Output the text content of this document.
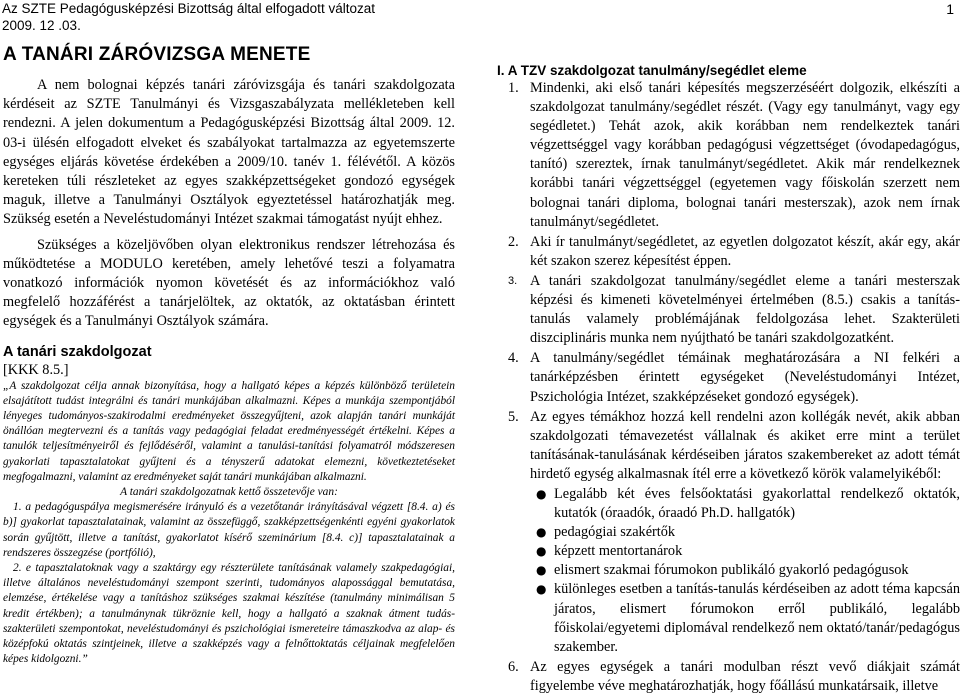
Az SZTE Pedagógusképzési Bizottság által elfogadott változat
2009. 12 .03.
1
A TANÁRI ZÁRÓVIZSGA MENETE

A nem bolognai képzés tanári záróvizsgája és tanári szakdolgozata kérdéseit az SZTE Tanulmányi és Vizsgaszabályzata mellékleteben kell rendezni. A jelen dokumentum a Pedagógusképzési Bizottság által 2009. 12. 03-i ülésén elfogadott elveket és szabályokat tartalmazza az egyetemszerte egységes eljárás követése érdekében a 2009/10. tanév 1. félévétől. A közös kereteken túli részleteket az egyes szakképzettségeket gondozó egységek maguk, illetve a Tanulmányi Osztályok egyeztetéssel határozhatják meg. Szükség esetén a Neveléstudományi Intézet szakmai támogatást nyújt ehhez.

Szükséges a közeljövőben olyan elektronikus rendszer létrehozása és működtetése a MODULO keretében, amely lehetővé teszi a folyamatra vonatkozó információk nyomon követését és az információkhoz való megfelelő hozzáférést a tanárjelöltek, az oktatók, az oktatásban érintett egységek és a Tanulmányi Osztályok számára.

A tanári szakdolgozat
[KKK 8.5.]

„A szakdolgozat célja annak bizonyítása, hogy a hallgató képes a képzés különböző területein elsajátított tudást integrálni és tanári munkájában alkalmazni. Képes a munkája szempontjából lényeges tudományos-szakirodalmi eredményeket összegyűjteni, azok alapján tanári munkáját önállóan megtervezni és a tanítás vagy pedagógiai feladat eredményességét értékelni. Képes a tanulók teljesítményeiről és fejlődéséről, valamint a tanulási-tanítási folyamatról módszeresen gyakorlati tapasztalatokat gyűjteni és a tényszerű adatokat elemezni, következtetéseket megfogalmazni, valamint az eredményeket saját tanári munkájában alkalmazni.

A tanári szakdolgozatnak kettő összetevője van:

1. a pedagóguspálya megismerésére irányuló és a vezetőtanár irányításával végzett [8.4. a) és b)] gyakorlat tapasztalatainak, valamint az összefüggő, szakképzettségenkénti egyéni gyakorlatok során gyűjtött, illetve a tanítást, gyakorlatot kísérő szeminárium [8.4. c)] tapasztalatainak a rendszeres összegzése (portfólió),

2. e tapasztalatoknak vagy a szaktárgy egy részterülete tanításának valamely szakpedagógiai, illetve általános neveléstudományi szempont szerinti, tudományos alapossággal bemutatása, elemzése, értékelése vagy a tanításhoz szükséges szakmai készítése (tanulmány minimálisan 5 kredit értékben); a tanulmánynak tükröznie kell, hogy a hallgató a szaknak átment tudás-szakterületi szempontokat, neveléstudományi és pszichológiai ismereteire támaszkodva az alap- és középfokú oktatás szintjeinek, illetve a szakképzés vagy a felnőttoktatás céljainak megfelelően képes kidolgozni.”

I. A TZV szakdolgozat tanulmány/segédlet eleme
1. Mindenki, aki első tanári képesítés megszerzéséért dolgozik, elkészíti a szakdolgozat tanulmány/segédlet részét. (Vagy egy tanulmányt, vagy egy segédletet.) Tehát azok, akik korábban nem rendelkeztek tanári végzettséggel vagy korábban pedagógusi végzettséget (óvodapedagógus, tanító) szereztek, írnak tanulmányt/segédletet. Akik már rendelkeznek korábbi tanári végzettséggel (egyetemen vagy főiskolán szerzett nem bolognai tanári diploma, bolognai tanári mesterszak), azok nem írnak tanulmányt/segédletet.
2. Aki ír tanulmányt/segédletet, az egyetlen dolgozatot készít, akár egy, akár két szakon szerez képesítést éppen.
3. A tanári szakdolgozat tanulmány/segédlet eleme a tanári mesterszak képzési és kimeneti követelményei értelmében (8.5.) csakis a tanítás-tanulás valamely problémájának feldolgozása lehet. Szakterületi diszciplináris munka nem nyújtható be tanári szakdolgozatként.
4. A tanulmány/segédlet témáinak meghatározására a NI felkéri a tanárképzésben érintett egységeket (Neveléstudományi Intézet, Pszichológia Intézet, szakképzéseket gondozó egységek).
5. Az egyes témákhoz hozzá kell rendelni azon kollégák nevét, akik abban szakdolgozati témavezetést vállalnak és akiket erre mint a terület tanításának-tanulásának kérdéseiben járatos szakembereket az adott témát hirdető egység alkalmasnak ítél erre a következő körök valamelyikéből:
● Legalább két éves felsőoktatási gyakorlattal rendelkező oktatók, kutatók (óraadók, óraadó Ph.D. hallgatók)
● pedagógiai szakértők
● képzett mentortanárok
● elismert szakmai fórumokon publikáló gyakorló pedagógusok
● különleges esetben a tanítás-tanulás kérdéseiben az adott téma kapcsán járatos, elismert fórumokon erről publikáló, legalább főiskolai/egyetemi diplomával rendelkező nem oktató/tanár/pedagógus szakember.
6. Az egyes egységek a tanári modulban részt vevő diákjait számát figyelembe véve meghatározhatják, hogy főállású munkatársaik, illetve
